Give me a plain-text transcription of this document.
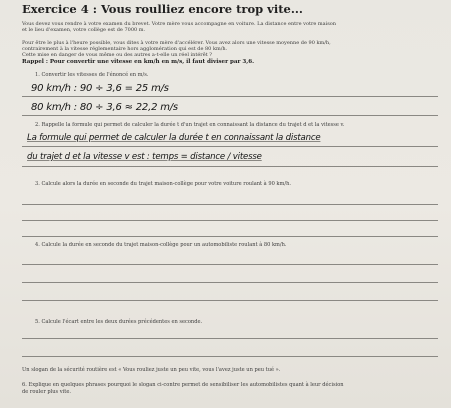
Exercice 4 : Vous roulliez encore trop vite...
Vous devez vous rendre à votre examen du brevet. Votre mère vous accompagne en voiture. La distance entre votre maison
et le lieu d'examen, votre collège est de 7000 m.
Pour être le plus à l'heure possible, vous dites à votre mère d'accélérer. Vous avez alors une vitesse moyenne de 90 km/h,
contrairement à la vitesse réglementaire hors agglomération qui est de 80 km/h.
Cette mise en danger de vous même ou des autres a-t-elle un réel intérêt ?
Rappel : Pour convertir une vitesse en km/h en m/s, il faut diviser par 3,6.
1. Convertir les vitesses de l'énoncé en m/s.
90 km/h : 90 ÷ 3,6 = 25 m/s
80 km/h : 80 ÷ 3,6 ≈ 22,2 m/s
2. Rappelle la formule qui permet de calculer la durée t d'un trajet en connaissant la distance du trajet d et la vitesse v.
La formule qui permet de calculer la durée t en connaissant la distance
du trajet d et la vitesse v est : temps = distance / vitesse
3. Calcule alors la durée en seconde du trajet maison-collège pour votre voiture roulant à 90 km/h.
4. Calcule la durée en seconde du trajet maison-collège pour un automobiliste roulant à 80 km/h.
5. Calcule l'écart entre les deux durées précédentes en seconde.
Un slogan de la sécurité routière est « Vous rouliez juste un peu vite, vous l'avez juste un peu tué ».
6. Explique en quelques phrases pourquoi le slogan ci-contre permet de sensibiliser les automobilistes quant à leur décision
de rouler plus vite.
